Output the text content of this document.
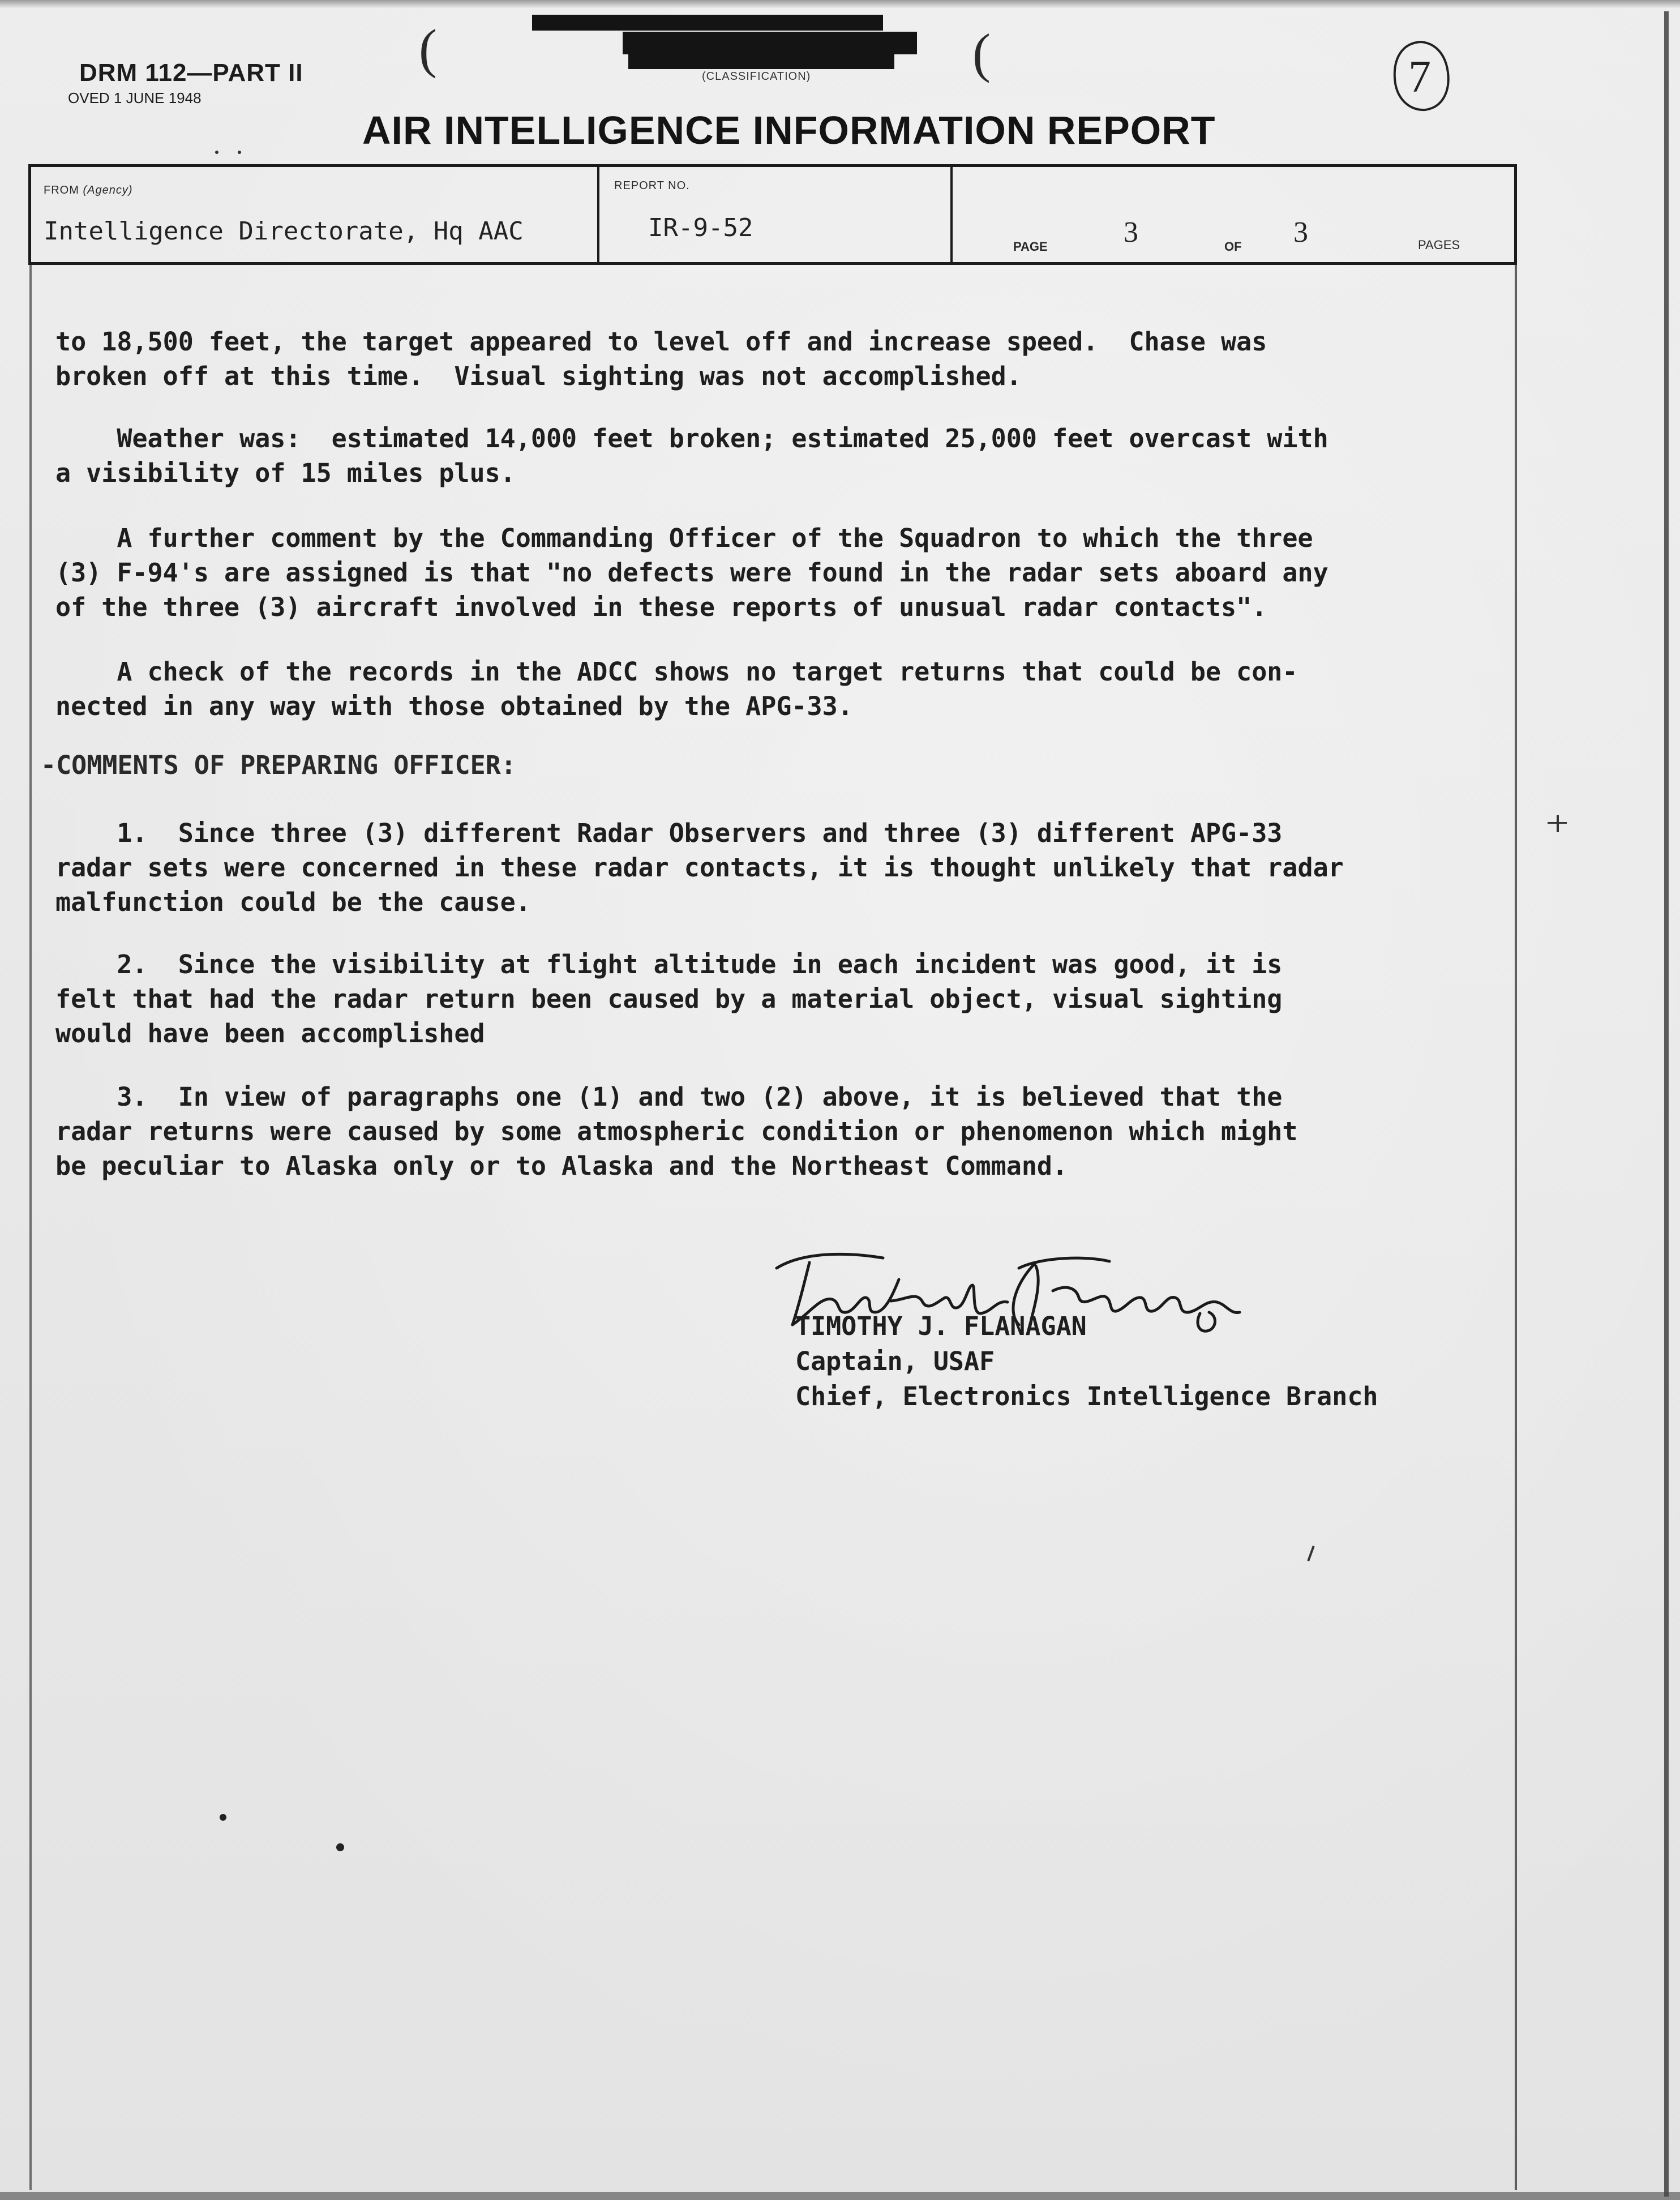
DRM 112—PART II
OVED 1 JUNE 1948
(	(
(CLASSIFICATION)	7
AIR INTELLIGENCE INFORMATION REPORT
FROM (Agency)
Intelligence Directorate, Hq AAC
REPORT NO.
IR-9-52
PAGE	3	OF 3	PAGES

to 18,500 feet, the target appeared to level off and increase speed.  Chase was

broken off at this time.  Visual sighting was not accomplished.

Weather was:  estimated 14,000 feet broken; estimated 25,000 feet overcast with

a visibility of 15 miles plus.

A further comment by the Commanding Officer of the Squadron to which the three

(3) F-94's are assigned is that "no defects were found in the radar sets aboard any

of the three (3) aircraft involved in these reports of unusual radar contacts".

A check of the records in the ADCC shows no target returns that could be con-

nected in any way with those obtained by the APG-33.

-COMMENTS OF PREPARING OFFICER:

1.  Since three (3) different Radar Observers and three (3) different APG-33

radar sets were concerned in these radar contacts, it is thought unlikely that radar

malfunction could be the cause.

2.  Since the visibility at flight altitude in each incident was good, it is

felt that had the radar return been caused by a material object, visual sighting

would have been accomplished

3.  In view of paragraphs one (1) and two (2) above, it is believed that the

radar returns were caused by some atmospheric condition or phenomenon which might

be peculiar to Alaska only or to Alaska and the Northeast Command.

TIMOTHY J. FLANAGAN
Captain, USAF
Chief, Electronics Intelligence Branch
